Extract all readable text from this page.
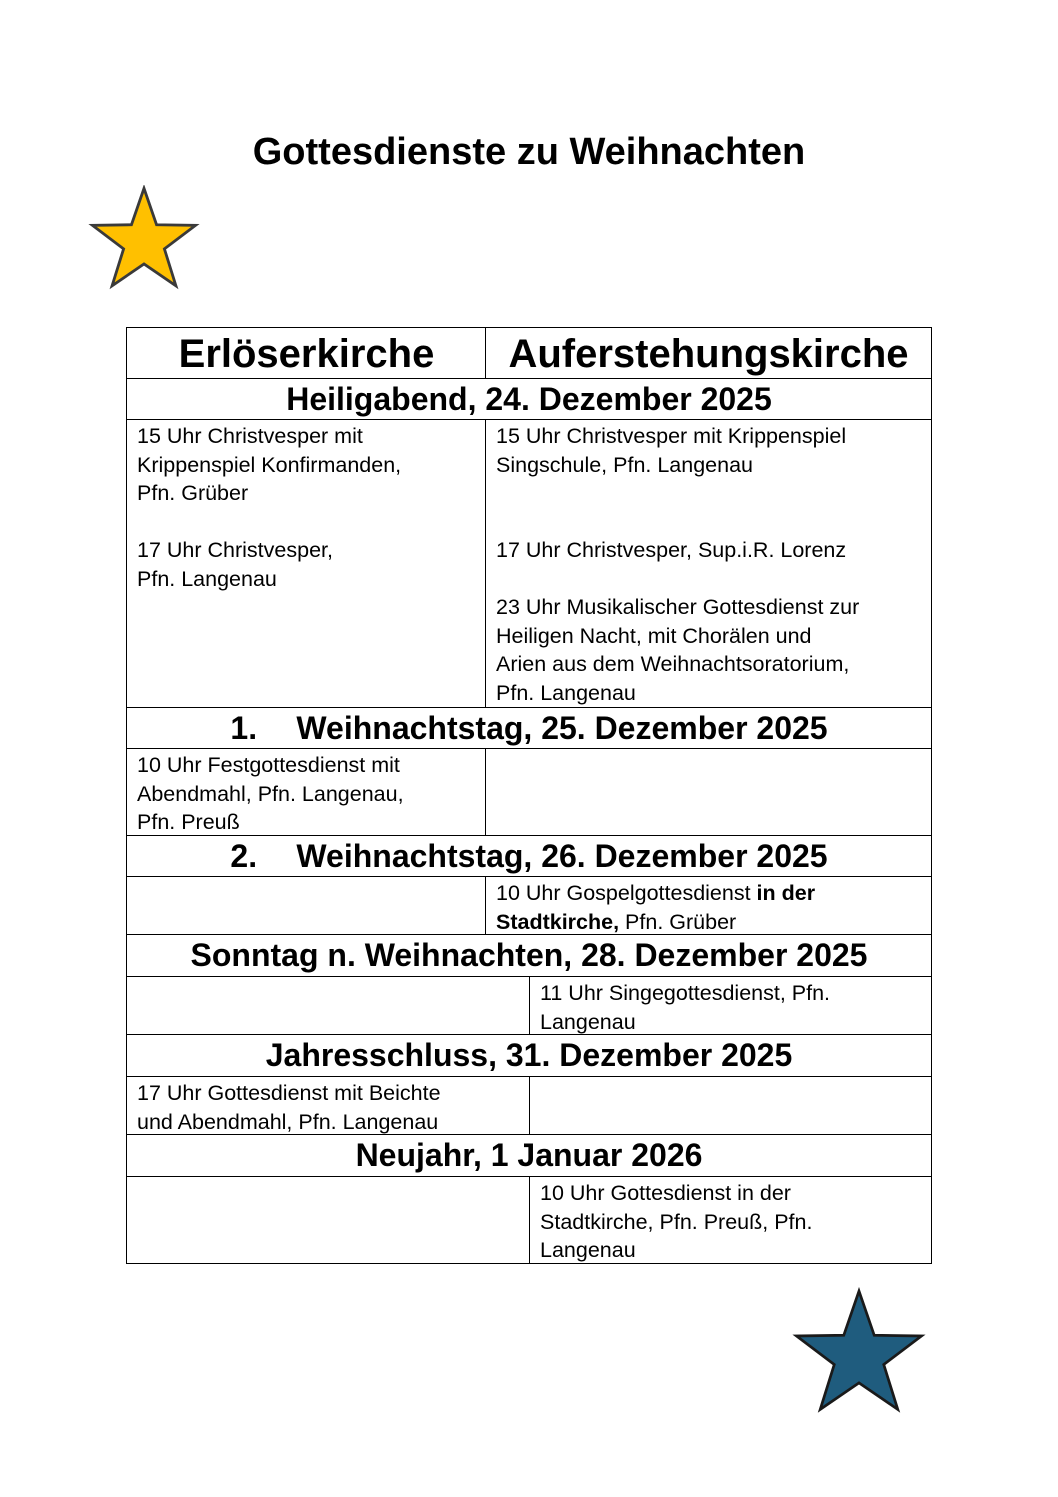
Gottesdienste zu Weihnachten
Erlöserkirche	Auferstehungskirche
Heiligabend, 24. Dezember 2025

15 Uhr Christvesper mit
Krippenspiel Konfirmanden,
Pfn. Grüber

17 Uhr Christvesper,
Pfn. Langenau

15 Uhr Christvesper mit Krippenspiel
Singschule, Pfn. Langenau

17 Uhr Christvesper, Sup.i.R. Lorenz

23 Uhr Musikalischer Gottesdienst zur
Heiligen Nacht, mit Chorälen und
Arien aus dem Weihnachtsoratorium,
Pfn. Langenau

1. Weihnachtstag, 25. Dezember 2025

10 Uhr Festgottesdienst mit
Abendmahl, Pfn. Langenau,
Pfn. Preuß

2. Weihnachtstag, 26. Dezember 2025

10 Uhr Gospelgottesdienst in der
Stadtkirche, Pfn. Grüber

Sonntag n. Weihnachten, 28. Dezember 2025

11 Uhr Singegottesdienst, Pfn.
Langenau

Jahresschluss, 31. Dezember 2025

17 Uhr Gottesdienst mit Beichte
und Abendmahl, Pfn. Langenau

Neujahr, 1 Januar 2026

10 Uhr Gottesdienst in der
Stadtkirche, Pfn. Preuß, Pfn.
Langenau
